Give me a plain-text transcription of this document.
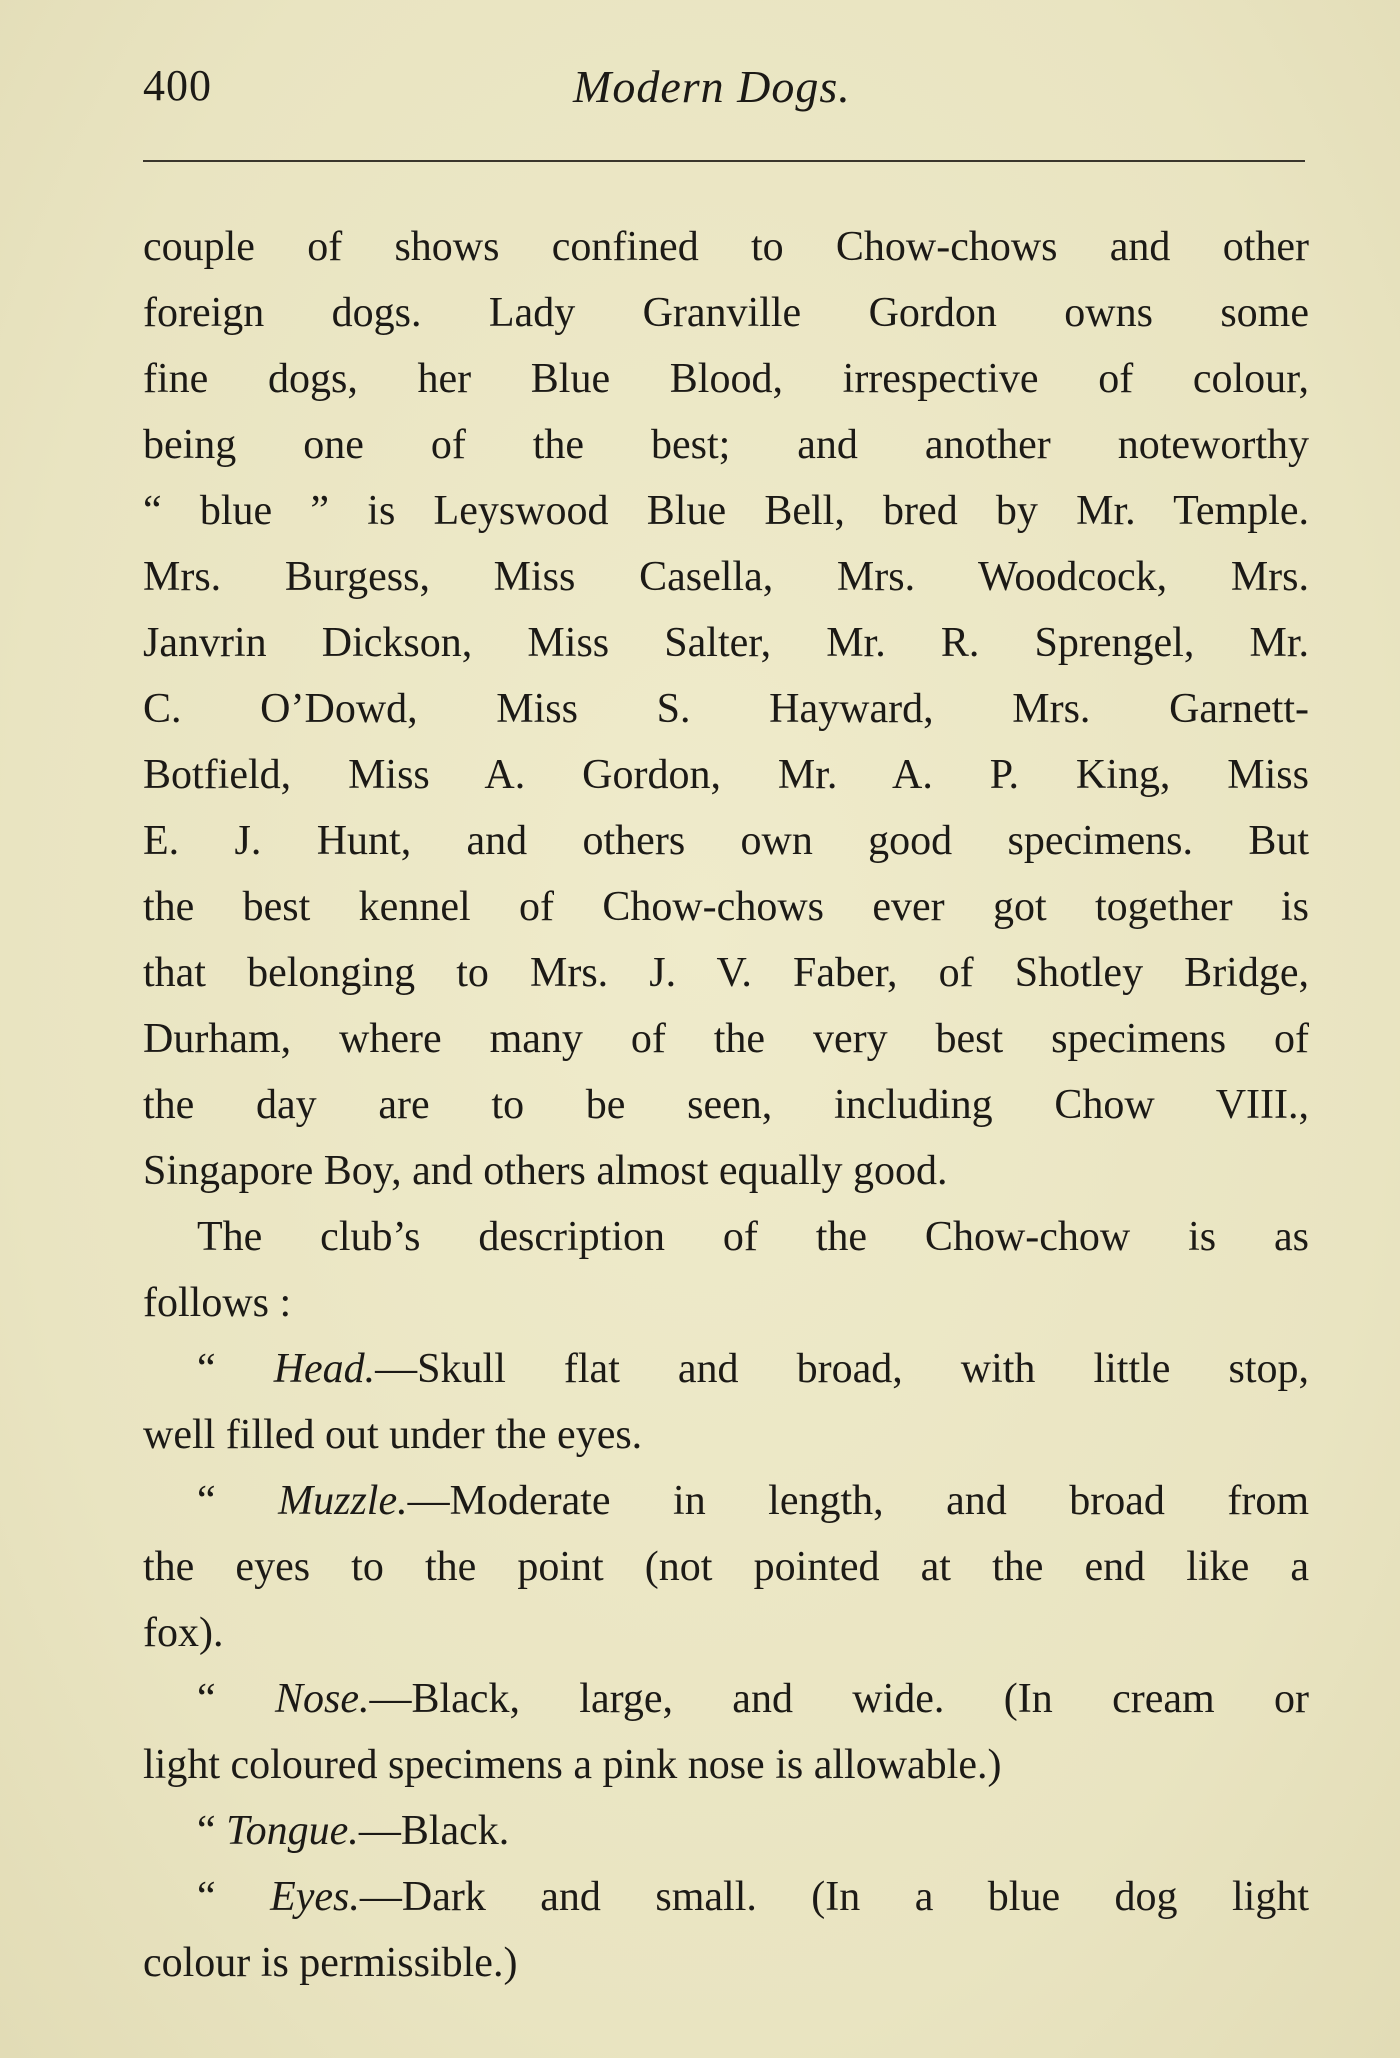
400	Modern Dogs.
couple of shows confined to Chow-chows and other
foreign dogs. Lady Granville Gordon owns some
fine dogs, her Blue Blood, irrespective of colour,
being one of the best; and another noteworthy
“ blue ” is Leyswood Blue Bell, bred by Mr. Temple.
Mrs. Burgess, Miss Casella, Mrs. Woodcock, Mrs.
Janvrin Dickson, Miss Salter, Mr. R. Sprengel, Mr.
C. O’Dowd, Miss S. Hayward, Mrs. Garnett-
Botfield, Miss A. Gordon, Mr. A. P. King, Miss
E. J. Hunt, and others own good specimens. But
the best kennel of Chow-chows ever got together is
that belonging to Mrs. J. V. Faber, of Shotley Bridge,
Durham, where many of the very best specimens of
the day are to be seen, including Chow VIII.,
Singapore Boy, and others almost equally good.
The club’s description of the Chow-chow is as
follows :
“ Head.—Skull flat and broad, with little stop,
well filled out under the eyes.
“ Muzzle.—Moderate in length, and broad from
the eyes to the point (not pointed at the end like a
fox).
“ Nose.—Black, large, and wide. (In cream or
light coloured specimens a pink nose is allowable.)
“ Tongue.—Black.
“ Eyes.—Dark and small. (In a blue dog light
colour is permissible.)
